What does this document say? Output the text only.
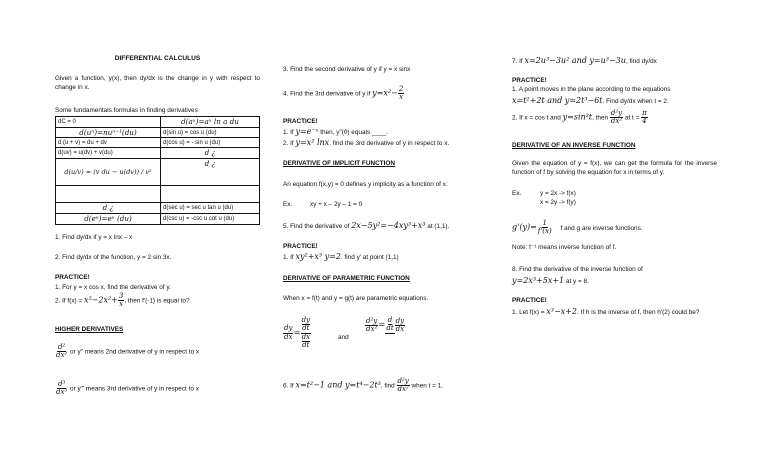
DIFFERENTIAL CALCULUS
Given a function, y(x), then dy/dx is the change in y with respect to change in x.
Some fundamentals formulas in finding derivatives
dC = 0	d(aᵘ)=aᵘ ln a du
d(uⁿ)=nuⁿ⁻¹(du)	d(sin u) = cos u (du)
d (u + v) = du + dv	d(cos u) = - sin u (du)
d(uv) = u(dv) + v(du)	d ¿
d(u/v) = (v du − u(dv)) / v²	d ¿

d ¿	d(sec u) = sec u tan u (du)
d(eᵘ)=eᵘ (du)	d(csc u) = -csc u cot u (du)
1. Find dy/dx if y = x lnx – x
2. Find dy/dx of the function, y = 2 sin 3x.
PRACTICE!
1. For y = x cos x, find the derivative of y.
2. If $f(x) = x^5-2x^2+ \frac{3}{x}$ , then f'(-1) is equal to?
HIGHER DERIVATIVES
$\frac{\text{d²}}{\text{dx²}}$ or y" means 2nd derivative of y in respect to x
$\frac{\text{d³}}{\text{dx³}}$ or y"' means 3rd derivative of y in respect to x
3. Find the second derivative of y if y = x sinx
4. Find the 3rd derivative of y if $y=x^2- \frac{2}{x}$
PRACTICE!
1. If y=e⁻ˣ then, y"(0) equals ____.
2. If y=x² lnx. find the 3rd derivative of y in respect to x.
DERIVATIVE OF IMPLICIT FUNCTION
An equation f(x,y) = 0 defines y implicity as a function of x.
Ex.	xy + x – 2y – 1 = 0
5. Find the derivative of 2x−5y²=−4xy³+x³ at (1,1).
PRACTICE!
1. If xy²+x³ y=2. find y' at point (1,1)
DERIVATIVE OF PARAMETRIC FUNCTION
When x = f(t) and y = g(t) are parametric equations.
$\frac{dy}{dx}$ = dy
dt
dx
dt	and
$\frac{\text{d²y}}{\text{dx²}}$ =
d
dt $\frac{dy}{dx}$
6. If x=t²−1 and y=t⁴−2t³, find $\frac{\text{d²y}}{\text{dx²}}$ when t = 1.
7. If x=2u³−3u² and y=u³−3u, find dy/dx
PRACTICE!
1. A point moves in the plane according to the equations
x=t²+2t and y=2t³−6t. Find dy/dx when t = 2.
2. If x = cos t and y=sin²t, then $\frac{\text{d²y}}{\text{dx²}}$ at $t = \frac{\pi}{4}$
DERIVATIVE OF AN INVERSE FUNCTION
Given the equation of y = f(x), we can get the formula for the inverse function of f by solving the equation for x in terms of y.
Ex.	y = 2x -> f(x)
x = 2y -> f(y)
$g'(y)= \frac{1}{f'(x)}$ f and g are inverse functions.
Note: f⁻¹ means inverse function of f.
8. Find the derivative of the inverse function of
y=2x³+5x+1 at y = 8.
PRACTICE!
1. Let f(x) = x³−x+2. If h is the inverse of f, then h'(2) could be?
